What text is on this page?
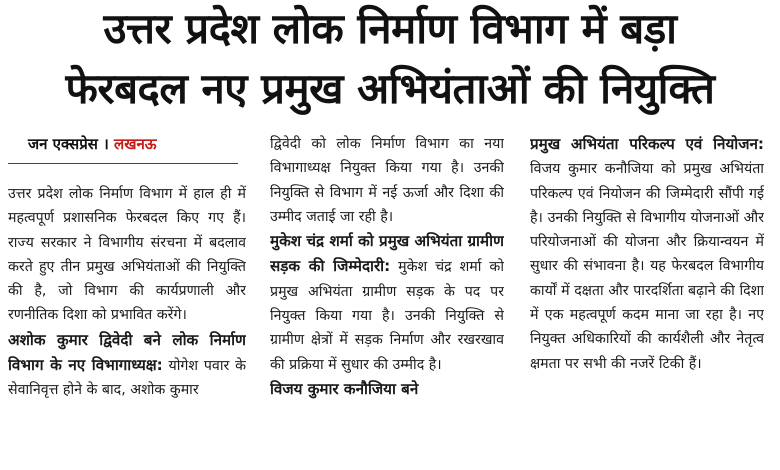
उत्तर प्रदेश लोक निर्माण विभाग में बड़ा
फेरबदल नए प्रमुख अभियंताओं की नियुक्ति
जन एक्सप्रेस । लखनऊ

उत्तर प्रदेश लोक निर्माण विभाग में हाल ही में महत्वपूर्ण प्रशासनिक फेरबदल किए गए हैं। राज्य सरकार ने विभागीय संरचना में बदलाव करते हुए तीन प्रमुख अभियंताओं की नियुक्ति की है, जो विभाग की कार्यप्रणाली और रणनीतिक दिशा को प्रभावित करेंगे।

अशोक कुमार द्विवेदी बने लोक निर्माण विभाग के नए विभागाध्यक्ष: योगेश पवार के सेवानिवृत्त होने के बाद, अशोक कुमार

द्विवेदी को लोक निर्माण विभाग का नया विभागाध्यक्ष नियुक्त किया गया है। उनकी नियुक्ति से विभाग में नई ऊर्जा और दिशा की उम्मीद जताई जा रही है।

मुकेश चंद्र शर्मा को प्रमुख अभियंता ग्रामीण सड़क की जिम्मेदारी: मुकेश चंद्र शर्मा को प्रमुख अभियंता ग्रामीण सड़क के पद पर नियुक्त किया गया है। उनकी नियुक्ति से ग्रामीण क्षेत्रों में सड़क निर्माण और रखरखाव की प्रक्रिया में सुधार की उम्मीद है।

विजय कुमार कनौजिया बने

प्रमुख अभियंता परिकल्प एवं नियोजन: विजय कुमार कनौजिया को प्रमुख अभियंता परिकल्प एवं नियोजन की जिम्मेदारी सौंपी गई है। उनकी नियुक्ति से विभागीय योजनाओं और परियोजनाओं की योजना और क्रियान्वयन में सुधार की संभावना है। यह फेरबदल विभागीय कार्यों में दक्षता और पारदर्शिता बढ़ाने की दिशा में एक महत्वपूर्ण कदम माना जा रहा है। नए नियुक्त अधिकारियों की कार्यशैली और नेतृत्व क्षमता पर सभी की नजरें टिकी हैं।
